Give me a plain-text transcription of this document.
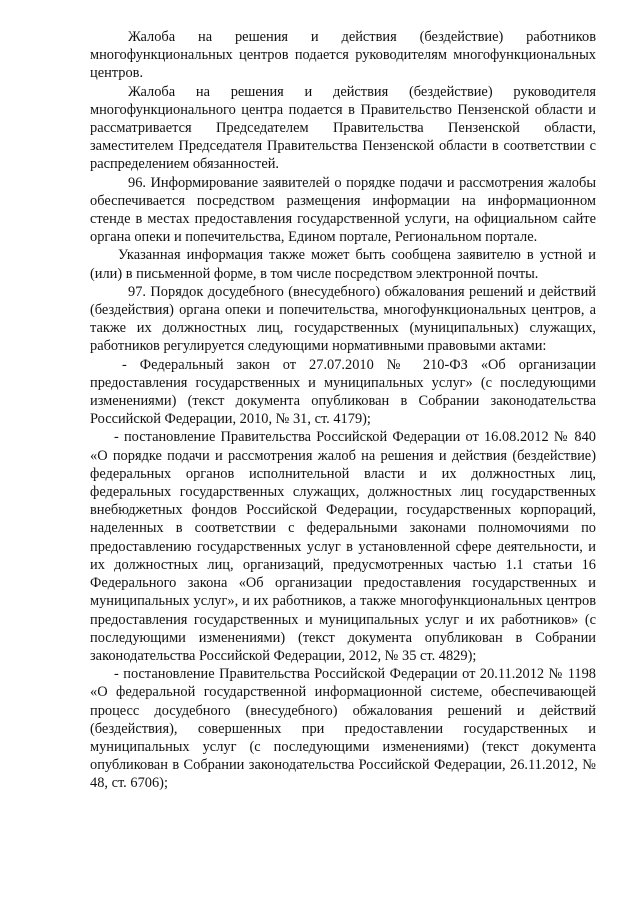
Жалоба на решения и действия (бездействие) работников многофункциональных центров подается руководителям многофункциональных центров.

Жалоба на решения и действия (бездействие) руководителя многофункционального центра подается в Правительство Пензенской области и рассматривается Председателем Правительства Пензенской области, заместителем Председателя Правительства Пензенской области в соответствии с распределением обязанностей.

96. Информирование заявителей о порядке подачи и рассмотрения жалобы обеспечивается посредством размещения информации на информационном стенде в местах предоставления государственной услуги, на официальном сайте органа опеки и попечительства, Едином портале, Региональном портале.

Указанная информация также может быть сообщена заявителю в устной и (или) в письменной форме, в том числе посредством электронной почты.

97. Порядок досудебного (внесудебного) обжалования решений и действий (бездействия) органа опеки и попечительства, многофункциональных центров, а также их должностных лиц, государственных (муниципальных) служащих, работников регулируется следующими нормативными правовыми актами:

- Федеральный закон от 27.07.2010 № 210-ФЗ «Об организации предоставления государственных и муниципальных услуг» (с последующими изменениями) (текст документа опубликован в Собрании законодательства Российской Федерации, 2010, № 31, ст. 4179);

- постановление Правительства Российской Федерации от 16.08.2012 № 840 «О порядке подачи и рассмотрения жалоб на решения и действия (бездействие) федеральных органов исполнительной власти и их должностных лиц, федеральных государственных служащих, должностных лиц государственных внебюджетных фондов Российской Федерации, государственных корпораций, наделенных в соответствии с федеральными законами полномочиями по предоставлению государственных услуг в установленной сфере деятельности, и их должностных лиц, организаций, предусмотренных частью 1.1 статьи 16 Федерального закона «Об организации предоставления государственных и муниципальных услуг», и их работников, а также многофункциональных центров предоставления государственных и муниципальных услуг и их работников» (с последующими изменениями) (текст документа опубликован в Собрании законодательства Российской Федерации, 2012, № 35 ст. 4829);

- постановление Правительства Российской Федерации от 20.11.2012 № 1198 «О федеральной государственной информационной системе, обеспечивающей процесс досудебного (внесудебного) обжалования решений и действий (бездействия), совершенных при предоставлении государственных и муниципальных услуг (с последующими изменениями) (текст документа опубликован в Собрании законодательства Российской Федерации, 26.11.2012, № 48, ст. 6706);
